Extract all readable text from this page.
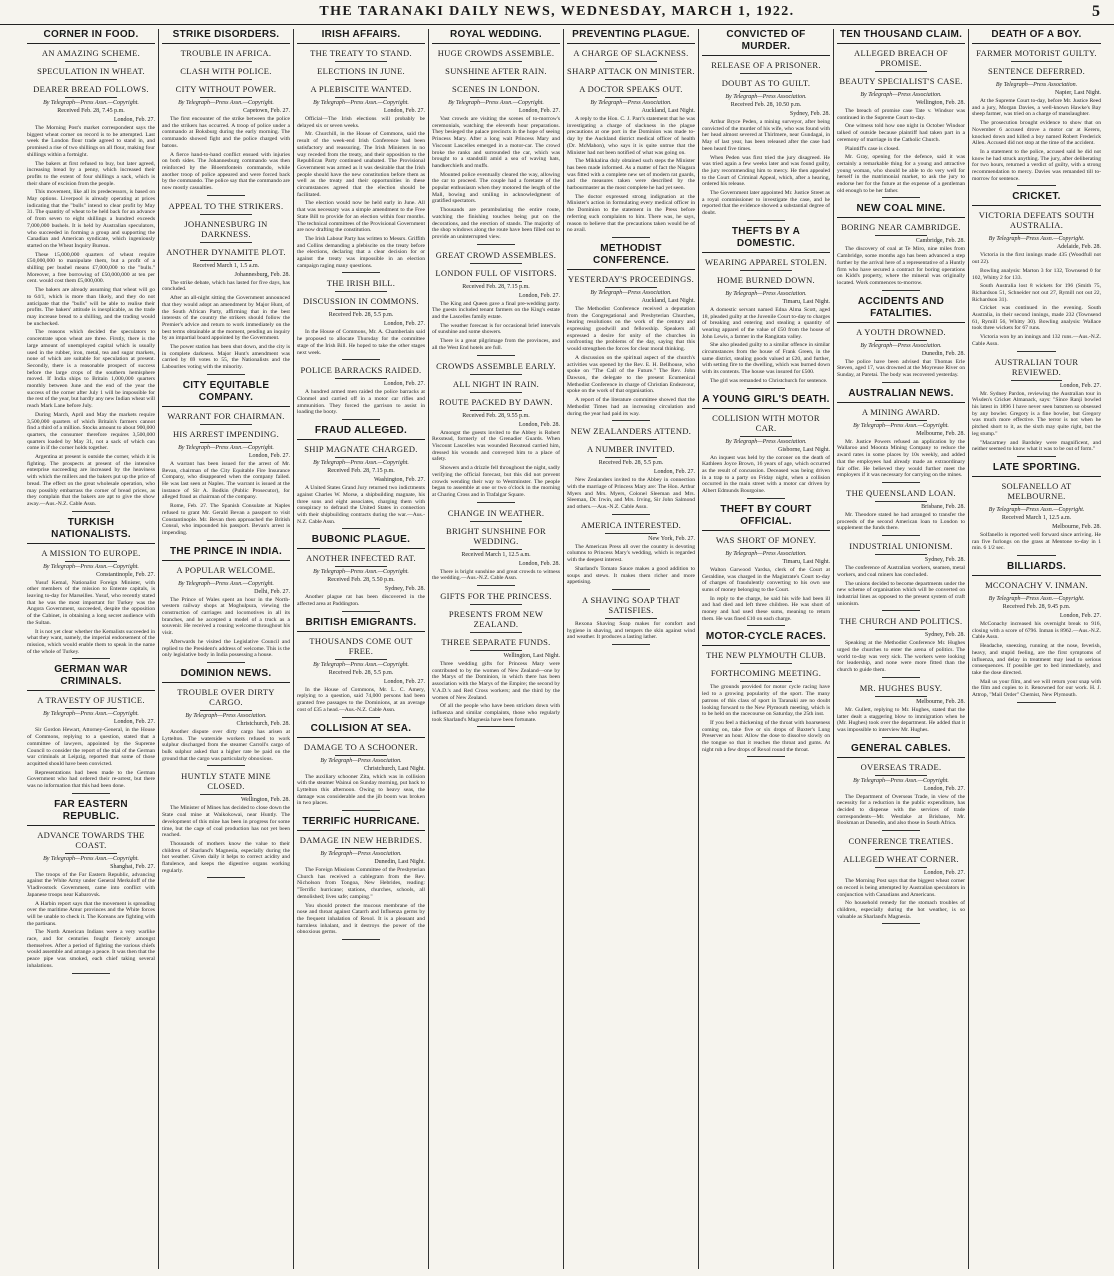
THE TARANAKI DAILY NEWS, WEDNESDAY, MARCH 1, 1922.	5
CORNER IN FOOD.
AN AMAZING SCHEME.
SPECULATION IN WHEAT.
DEARER BREAD FOLLOWS.
By Telegraph—Press Assn.—Copyright.
Received Feb. 28, 7.45 p.m.
London, Feb. 27.

The Morning Post's market correspondent says the biggest wheat corner on record is to be attempted. Last week the London flour trade agreed to stand in, and promised a rise of two shillings on all flour, making four shillings within a fortnight.

The bakers at first refused to buy, but later agreed, increasing bread by a penny, which increased their profits to the extent of four shillings a sack, which is their share of excision from the people.

This movement, like all its predecessors, is based on May options. Liverpool is already operating at prices indicating that the "bulls" intend to clear profit by May 31. The quantity of wheat to be held back for an advance of from seven to eight shillings a hundred exceeds 7,000,000 bushels. It is held by Australian speculators, who succeeded in forming a group and supporting the Canadian and American syndicate, which ingeniously started on the Wheat Inquiry Bureau.

These 15,000,000 quarters of wheat require £50,000,000 to manipulate them, but a profit of a shilling per bushel means £7,000,000 to the "bulls." Moreover, a free borrowing of £50,000,000 at ten per cent. would cost them £5,000,000.

The bakers are already assuming that wheat will go to 64/1, which is more than likely, and they do not anticipate that the "bulls" will be able to realise their profits. The bakers' attitude is inexplicable, as the trade may increase bread to a shilling, and the trading would be unchecked.

The reasons which decided the speculators to concentrate upon wheat are three. Firstly, there is the large amount of unemployed capital which is usually used in the rubber, iron, metal, tea and sugar markets, none of which are suitable for speculation at present. Secondly, there is a reasonable prospect of success before the large crops of the southern hemisphere moved. If India ships to Britain 1,000,000 quarters monthly between June and the end of the year the success of the corner after July 1 will be impossible for the rest of the year, but hardly any new Indian wheat will reach Mark Lane before July.

During March, April and May the markets require 3,500,000 quarters of which Britain's farmers cannot find a third of a million. Stocks amount to about 900,000 quarters, the consumer therefore requires 3,500,000 quarters loaded by May 31, not a sack of which can come in if the corner holds together.

Argentina at present is outside the corner, which it is fighting. The prospects at present of the intensive enterprise succeeding are increased by the heaviness with which the millers and the bakers put up the price of bread. The effect on the great wholesale operation, who may possibly embarrass the corner of bread prices, as they complain that the bakers are apt to give the show away.—Aus.-N.Z. Cable Assn.

TURKISH NATIONALISTS.
A MISSION TO EUROPE.
By Telegraph—Press Assn.—Copyright.
Constantinople, Feb. 27.

Yusuf Kemal, Nationalist Foreign Minister, with other members of the mission to Entente capitals, is leaving to-day for Marseilles. Yusuf, who recently stated that he was the most important for Turkey was the Angora Government, succeeded, despite the opposition of the Cabinet, in obtaining a long secret audience with the Sultan.

It is not yet clear whether the Kemalists succeeded in what they want, namely, the imperial endorsement of the mission, which would enable them to speak in the name of the whole of Turkey.

GERMAN WAR CRIMINALS.
A TRAVESTY OF JUSTICE.
By Telegraph—Press Assn.—Copyright.
London, Feb. 27.

Sir Gordon Hewart, Attorney-General, in the House of Commons, replying to a question, stated that a committee of lawyers, appointed by the Supreme Council to consider the report of the trial of the German war criminals at Leipzig, reported that some of those acquitted should have been convicted.

Representations had been made to the German Government who had ordered their re-arrest, but there was no information that this had been done.

FAR EASTERN REPUBLIC.
ADVANCE TOWARDS THE COAST.
By Telegraph—Press Assn.—Copyright.
Shanghai, Feb. 27.

The troops of the Far Eastern Republic, advancing against the White Army under General Merkuloff of the Vladivostock Government, came into conflict with Japanese troops near Kabarovsk.

A Harbin report says that the movement is spreading over the maritime Amur provinces and the White forces will be unable to check it. The Koreans are fighting with the partisans.

The North American Indians were a very warlike race, and for centuries fought fiercely amongst themselves. After a period of fighting the various chiefs would assemble and arrange a peace. It was then that the peace pipe was smoked, each chief taking several inhalations.

STRIKE DISORDERS.
TROUBLE IN AFRICA.
CLASH WITH POLICE.
CITY WITHOUT POWER.
By Telegraph—Press Assn.—Copyright.
Capetown, Feb. 27.

The first encounter of the strike between the police and the strikers has occurred. A troop of police under a commando at Boksburg during the early morning. The commando showed fight and the police charged with batons.

A fierce hand-to-hand conflict ensued with injuries on both sides. The Johannesburg commando was then reinforced by the Bloemfontein commando, while another troop of police appeared and were forced back by the commando. The police say that the commando are now mostly casualties.

APPEAL TO THE STRIKERS.
JOHANNESBURG IN DARKNESS.
ANOTHER DYNAMITE PLOT.
Received March 1, 1.5 a.m.
Johannesburg, Feb. 28.

The strike debate, which has lasted for five days, has concluded.

After an all-night sitting the Government announced that they would adopt an amendment by Major Hunt, of the South African Party, affirming that in the best interests of the country the strikers should follow the Premier's advice and return to work immediately on the best terms obtainable at the moment, pending an inquiry by an impartial board appointed by the Government.

The power station has been shut down, and the city is in complete darkness. Major Hunt's amendment was carried by 69 votes to 55, the Nationalists and the Labourites voting with the minority.

CITY EQUITABLE COMPANY.
WARRANT FOR CHAIRMAN.
HIS ARREST IMPENDING.
By Telegraph—Press Assn.—Copyright.
London, Feb. 27.

A warrant has been issued for the arrest of Mr. Bevan, chairman of the City Equitable Fire Insurance Company, who disappeared when the company failed. He was last seen at Naples. The warrant is issued at the instance of Sir A. Bodkin (Public Prosecutor), for alleged fraud as chairman of the company.

Rome, Feb. 27. The Spanish Consulate at Naples refused to grant Mr. Gerald Bevan a passport to visit Constantinople. Mr. Bevan then approached the British Consul, who impounded his passport. Bevan's arrest is impending.

THE PRINCE IN INDIA.
A POPULAR WELCOME.
By Telegraph—Press Assn.—Copyright.
Delhi, Feb. 27.

The Prince of Wales spent an hour in the North-western railway shops at Moghulpura, viewing the construction of carriages and locomotives in all its branches, and he accepted a model of a truck as a souvenir. He received a rousing welcome throughout his visit.

Afterwards he visited the Legislative Council and replied to the President's address of welcome. This is the only legislative body in India possessing a house.

DOMINION NEWS.
TROUBLE OVER DIRTY CARGO.
By Telegraph—Press Association.
Christchurch, Feb. 28.

Another dispute over dirty cargo has arisen at Lyttelton. The waterside workers refused to work sulphur discharged from the steamer Carroll's cargo of bulk sulphur asked that a higher rate be paid on the ground that the cargo was particularly obnoxious.

HUNTLY STATE MINE CLOSED.
Wellington, Feb. 28.

The Minister of Mines has decided to close down the State coal mine at Waikokowai, near Huntly. The development of this mine has been in progress for some time, but the cage of coal production has not yet been reached.

Thousands of mothers know the value to their children of Sharland's Magnesia, especially during the hot weather. Given daily it helps to correct acidity and flatulence, and keeps the digestive organs working regularly.

IRISH AFFAIRS.
THE TREATY TO STAND.
ELECTIONS IN JUNE.
A PLEBISCITE WANTED.
By Telegraph—Press Assn.—Copyright.
London, Feb. 27.

Official—The Irish elections will probably be delayed six or seven weeks.

Mr. Churchill, in the House of Commons, said the result of the week-end Irish Conference had been satisfactory and reassuring. The Irish Ministers in no way receded from the treaty, and their opposition to the Republican Party continued unabated. The Provisional Government was armed as it was desirable that the Irish people should have the new constitution before them as well as the treaty and their opportunities in these circumstances agreed that the election should be facilitated.

The election would now be held early in June. All that was necessary was a simple amendment to the Free State Bill to provide for an election within four months. The technical committees of the Provisional Government are now drafting the constitution.

The Irish Labour Party has written to Messrs. Griffith and Collins demanding a plebiscite on the treaty before the elections, declaring that a clear decision for or against the treaty was impossible in an election campaign raging many questions.

THE IRISH BILL.
DISCUSSION IN COMMONS.
Received Feb. 28, 5.5 p.m.
London, Feb. 27.

In the House of Commons, Mr. A. Chamberlain said he proposed to allocate Thursday for the committee stage of the Irish Bill. He hoped to take the other stages next week.

POLICE BARRACKS RAIDED.
London, Feb. 27.

A hundred armed men raided the police barracks at Clonmel and carried off in a motor car rifles and ammunition. They forced the garrison to assist in loading the booty.

FRAUD ALLEGED.
SHIP MAGNATE CHARGED.
By Telegraph—Press Assn.—Copyright.
Received Feb. 28, 7.15 p.m.
Washington, Feb. 27.

A United States Grand Jury returned two indictments against Charles W. Morse, a shipbuilding magnate, his three sons and eight associates, charging them with conspiracy to defraud the United States in connection with their shipbuilding contracts during the war.—Aus.-N.Z. Cable Assn.

BUBONIC PLAGUE.
ANOTHER INFECTED RAT.
By Telegraph—Press Assn.—Copyright.
Received Feb. 28, 5.50 p.m.
Sydney, Feb. 28.

Another plague rat has been discovered in the affected area at Paddington.

BRITISH EMIGRANTS.
THOUSANDS COME OUT FREE.
By Telegraph—Press Assn.—Copyright.
Received Feb. 28, 5.5 p.m.
London, Feb. 27.

In the House of Commons, Mr. L. C. Amery, replying to a question, said 74,000 persons had been granted free passages to the Dominions, at an average cost of £35 a head.—Aus.-N.Z. Cable Assn.

COLLISION AT SEA.
DAMAGE TO A SCHOONER.
By Telegraph—Press Association.
Christchurch, Last Night.

The auxiliary schooner Zita, which was in collision with the steamer Wainui on Sunday morning, put back to Lyttelton this afternoon. Owing to heavy seas, the damage was considerable and the jib boom was broken in two places.

TERRIFIC HURRICANE.
DAMAGE IN NEW HEBRIDES.
By Telegraph—Press Association.
Dunedin, Last Night.

The Foreign Missions Committee of the Presbyterian Church has received a cablegram from the Rev. Nicholson from Tongoa, New Hebrides, reading: "Terrific hurricane; stations, churches, schools, all demolished; lives safe; camping."

You should protect the mucous membrane of the nose and throat against Catarrh and Influenza germs by the frequent inhalation of Rexol. It is a pleasant and harmless inhalant, and it destroys the power of the obnoxious germs.

ROYAL WEDDING.
HUGE CROWDS ASSEMBLE.
SUNSHINE AFTER RAIN.
SCENES IN LONDON.
By Telegraph—Press Assn.—Copyright.
London, Feb. 27.

Vast crowds are visiting the scenes of to-morrow's ceremonials, watching the eleventh hour preparations. They besieged the palace precincts in the hope of seeing Princess Mary. After a long wait Princess Mary and Viscount Lascelles emerged in a motor-car. The crowd broke the ranks and surrounded the car, which was brought to a standstill amid a sea of waving hats, handkerchiefs and muffs.

Mounted police eventually cleared the way, allowing the car to proceed. The couple had a foretaste of the popular enthusiasm when they motored the length of the Mall, bowing and smiling in acknowledgment of gratified spectators.

Thousands are perambulating the entire route, watching the finishing touches being put on the decorations, and the erection of stands. The majority of the shop windows along the route have been filled out to provide an uninterrupted view.

GREAT CROWD ASSEMBLES.
LONDON FULL OF VISITORS.
Received Feb. 28, 7.15 p.m.
London, Feb. 27.

The King and Queen gave a final pre-wedding party. The guests included tenant farmers on the King's estate and the Lascelles family estate.

The weather forecast is for occasional brief intervals of sunshine and some showers.

There is a great pilgrimage from the provinces, and all the West End hotels are full.

CROWDS ASSEMBLE EARLY.
ALL NIGHT IN RAIN.
ROUTE PACKED BY DAWN.
Received Feb. 28, 9.55 p.m.
London, Feb. 28.

Amongst the guests invited to the Abbey is Robert Rexstead, formerly of the Grenadier Guards. When Viscount Lascelles was wounded Rexstead carried him, dressed his wounds and conveyed him to a place of safety.

Showers and a drizzle fell throughout the night, sadly verifying the official forecast, but this did not prevent crowds wending their way to Westminster. The people began to assemble at one or two o'clock in the morning at Charing Cross and in Trafalgar Square.

CHANGE IN WEATHER.
BRIGHT SUNSHINE FOR WEDDING.
Received March 1, 12.5 a.m.
London, Feb. 28.

There is bright sunshine and great crowds to witness the wedding.—Aus.-N.Z. Cable Assn.

GIFTS FOR THE PRINCESS.
PRESENTS FROM NEW ZEALAND.
THREE SEPARATE FUNDS.
Wellington, Last Night.

Three wedding gifts for Princess Mary were contributed to by the women of New Zealand—one by the Marys of the Dominion, in which there has been association with the Marys of the Empire; the second by V.A.D.'s and Red Cross workers; and the third by the women of New Zealand.

Of all the people who have been stricken down with influenza and similar complaints, those who regularly took Sharland's Magnesia have been fortunate.

PREVENTING PLAGUE.
A CHARGE OF SLACKNESS.
SHARP ATTACK ON MINISTER.
A DOCTOR SPEAKS OUT.
By Telegraph—Press Association.
Auckland, Last Night.

A reply to the Hon. C. J. Parr's statement that he was investigating a charge of slackness in the plague precautions at one port in the Dominion was made to-day by the Auckland district medical officer of health (Dr. McMahon), who says it is quite untrue that the Minister had not been notified of what was going on.

The Mikkalina duly obtained such steps the Minister has been made informed. As a matter of fact the Niagara was fitted with a complete new set of modern rat guards, and the measures taken were described by the harbourmaster as the most complete he had yet seen.

The doctor expressed strong indignation at the Minister's action in formulating every medical officer in the Dominion to the statement in the Press before referring such complaints to him. There was, he says, reason to believe that the precautions taken would be of no avail.

METHODIST CONFERENCE.
YESTERDAY'S PROCEEDINGS.
By Telegraph—Press Association.
Auckland, Last Night.

The Methodist Conference received a deputation from the Congregational and Presbyterian Churches, bearing resolutions on the work of the century and expressing goodwill and fellowship. Speakers all expressed a desire for unity of the churches in confronting the problems of the day, saying that this would strengthen the forces for clear moral thinking.

A discussion on the spiritual aspect of the church's activities was opened by the Rev. E. H. Bellhouse, who spoke on "The Call of the Future." The Rev. John Dawson, the delegate to the present Ecumenical Methodist Conference in charge of Christian Endeavour, spoke on the work of that organisation.

A report of the literature committee showed that the Methodist Times had an increasing circulation and during the year had paid its way.

NEW ZEALANDERS ATTEND.
A NUMBER INVITED.
Received Feb. 28, 5.5 p.m.
London, Feb. 27.

New Zealanders invited to the Abbey in connection with the marriage of Princess Mary are: The Hon. Arthur Myers and Mrs. Myers, Colonel Sleeman and Mrs. Sleeman, Dr. Irwin, and Mrs. Irving, Sir John Salmond and others.—Aus.-N.Z. Cable Assn.

AMERICA INTERESTED.
New York, Feb. 27.

The American Press all over the country is devoting columns to Princess Mary's wedding, which is regarded with the deepest interest.

Sharland's Tomato Sauce makes a good addition to soups and stews. It makes them richer and more appetising.

A SHAVING SOAP THAT SATISFIES.

Rexona Shaving Soap makes for comfort and hygiene in shaving, and tempers the skin against wind and weather. It produces a lasting lather.

CONVICTED OF MURDER.
RELEASE OF A PRISONER.
DOUBT AS TO GUILT.
By Telegraph—Press Association.
Received Feb. 28, 10.50 p.m.
Sydney, Feb. 28.

Arthur Bryce Peden, a mining surveyor, after being convicted of the murder of his wife, who was found with her head almost severed at Thirlmere, near Gundagai, in May of last year, has been released after the case had been heard five times.

When Peden was first tried the jury disagreed. He was tried again a few weeks later and was found guilty, the jury recommending him to mercy. He then appealed to the Court of Criminal Appeal, which, after a hearing, ordered his release.

The Government later appointed Mr. Justice Street as a royal commissioner to investigate the case, and he reported that the evidence showed a substantial degree of doubt.

THEFTS BY A DOMESTIC.
WEARING APPAREL STOLEN.
HOME BURNED DOWN.
By Telegraph—Press Association.
Timaru, Last Night.

A domestic servant named Edna Alma Scott, aged 18, pleaded guilty at the Juvenile Court to-day to charges of breaking and entering and stealing a quantity of wearing apparel of the value of £50 from the house of John Lewis, a farmer in the Rangitata valley.

She also pleaded guilty to a similar offence in similar circumstances from the house of Frank Green, in the same district, stealing goods valued at £20, and further, with setting fire to the dwelling, which was burned down with its contents. The house was insured for £500.

The girl was remanded to Christchurch for sentence.

A YOUNG GIRL'S DEATH.
COLLISION WITH MOTOR CAR.
By Telegraph—Press Association.
Gisborne, Last Night.

An inquest was held by the coroner on the death of Kathleen Joyce Brown, 16 years of age, which occurred as the result of concussion. Deceased was being driven in a trap to a party on Friday night, when a collision occurred in the main street with a motor car driven by Albert Edmunds Bourgoine.

THEFT BY COURT OFFICIAL.
WAS SHORT OF MONEY.
By Telegraph—Press Association.
Timaru, Last Night.

Walton Garwood Yardsa, clerk of the Court at Geraldine, was charged in the Magistrate's Court to-day of charges of fraudulently converting to his own use sums of money belonging to the Court.

In reply to the charge, he said his wife had been ill and had died and left three children. He was short of money and had used these sums, meaning to return them. He was fined £10 on each charge.

MOTOR-CYCLE RACES.
THE NEW PLYMOUTH CLUB.
FORTHCOMING MEETING.

The grounds provided for motor cycle racing have led to a growing popularity of the sport. The many patrons of this class of sport in Taranaki are no doubt looking forward to the New Plymouth meeting, which is to be held on the racecourse on Saturday, the 25th inst.

If you feel a thickening of the throat with hoarseness coming on, take five or six drops of Baxter's Lung Preserver an hour. Allow the dose to dissolve slowly on the tongue so that it reaches the throat and gums. At night rub a few drops of Rexol round the throat.

TEN THOUSAND CLAIM.
ALLEGED BREACH OF PROMISE.
BEAUTY SPECIALIST'S CASE.
By Telegraph—Press Association.
Wellington, Feb. 28.

The breach of promise case Tate v. Windsor was continued in the Supreme Court to-day.

One witness told how one night in October Windsor talked of outside because plaintiff had taken part in a ceremony of marriage in the Catholic Church.

Plaintiff's case is closed.

Mr. Gray, opening for the defence, said it was certainly a remarkable thing for a young and attractive young woman, who should be able to do very well for herself in the matrimonial market, to ask the jury to endorse her for the future at the expense of a gentleman old enough to be her father.

NEW COAL MINE.
BORING NEAR CAMBRIDGE.
Cambridge, Feb. 28.

The discovery of coal at Te Miro, nine miles from Cambridge, some months ago has been advanced a step further by the arrival here of a representative of a Huntly firm who have secured a contract for boring operations on Kidd's property, where the mineral was originally located. Work commences to-morrow.

ACCIDENTS AND FATALITIES.
A YOUTH DROWNED.
By Telegraph—Press Association.
Dunedin, Feb. 28.

The police have been advised that Thomas Erle Steven, aged 17, was drowned at the Moyreuse River on Sunday, at Paretai. The body was recovered yesterday.

AUSTRALIAN NEWS.
A MINING AWARD.
By Telegraph—Press Assn.—Copyright.
Melbourne, Feb. 28.

Mr. Justice Powers refused an application by the Wallaroo and Moonta Mining Company to reduce the award rates in some places by 10s weekly, and added that the employees had already made an extraordinary fair offer. He believed they would further meet the employers if it was necessary for carrying on the mines.

THE QUEENSLAND LOAN.
Brisbane, Feb. 28.

Mr. Theodore stated he had arranged to transfer the proceeds of the second American loan to London to supplement the funds there.

INDUSTRIAL UNIONISM.
Sydney, Feb. 28.

The conference of Australian workers, seamen, metal workers, and coal miners has concluded.

The unions decided to become departments under the new scheme of organisation which will be converted on industrial lines as opposed to the present system of craft unionism.

THE CHURCH AND POLITICS.
Sydney, Feb. 28.

Speaking at the Methodist Conference Mr. Hughes urged the churches to enter the arena of politics. The world to-day was very sick. The workers were looking for leadership, and none were more fitted than the church to guide them.

MR. HUGHES BUSY.
Melbourne, Feb. 28.

Mr. Gullett, replying to Mr. Hughes, stated that the latter dealt a staggering blow to immigration when he (Mr. Hughes) took over the department. He added that it was impossible to interview Mr. Hughes.

GENERAL CABLES.
OVERSEAS TRADE.
By Telegraph—Press Assn.—Copyright.
London, Feb. 27.

The Department of Overseas Trade, in view of the necessity for a reduction in the public expenditure, has decided to dispense with the services of trade correspondents—Mr. Westlake at Brisbane, Mr. Bookman at Dunedin, and also those in South Africa.

CONFERENCE TREATIES.
ALLEGED WHEAT CORNER.
London, Feb. 27.

The Morning Post says that the biggest wheat corner on record is being attempted by Australian speculators in conjunction with Canadians and Americans.

No household remedy for the stomach troubles of children, especially during the hot weather, is so valuable as Sharland's Magnesia.

DEATH OF A BOY.
FARMER MOTORIST GUILTY.
SENTENCE DEFERRED.
By Telegraph—Press Association.
Napier, Last Night.

At the Supreme Court to-day, before Mr. Justice Reed and a jury, Morgan Davies, a well-known Hawke's Bay sheep farmer, was tried on a charge of manslaughter.

The prosecution brought evidence to show that on November 6 accused drove a motor car at Kereru, knocked down and killed a boy named Robert Frederick Allen. Accused did not stop at the time of the accident.

In a statement to the police, accused said he did not know he had struck anything. The jury, after deliberating for two hours, returned a verdict of guilty, with a strong recommendation to mercy. Davies was remanded till to-morrow for sentence.

CRICKET.
VICTORIA DEFEATS SOUTH AUSTRALIA.
By Telegraph—Press Assn.—Copyright.
Adelaide, Feb. 28.

Victoria in the first innings made 435 (Woodfull not out 22).

Bowling analysis: Marton 3 for 132, Townsend 0 for 102, Whitty 2 for 133.

South Australia lost 8 wickets for 196 (Smith 75, Richardson 51, Schneider not out 27, Rymill not out 22, Richardson 31).

Cricket was continued in the evening. South Australia, in their second innings, made 232 (Townsend 61, Rymill 56, Whitty 30). Bowling analysis: Wallace took three wickets for 67 runs.

Victoria won by an innings and 132 runs.—Aus.-N.Z. Cable Assn.

AUSTRALIAN TOUR REVIEWED.
London, Feb. 27.

Mr. Sydney Pardon, reviewing the Australian tour in Wisden's Cricket Almanack, says: "Since Ranji bowled his latest in 1896 I have never seen batsmen so obsessed by any bowler. Gregory is a fine bowler, but Gregory was much more effective. The terror is not when he pitched short to it, as the sixth may quite right, but the leg stump."

"Macartney and Bardsley were magnificent, and neither seemed to know what it was to be out of form."

LATE SPORTING.
SOLFANELLO AT MELBOURNE.
By Telegraph—Press Assn.—Copyright.
Received March 1, 12.5 a.m.
Melbourne, Feb. 28.

Solfanello is reported well forward since arriving. He ran five furlongs on the grass at Mentone to-day in 1 min. 6 1/2 sec.

BILLIARDS.
MCCONACHY V. INMAN.
By Telegraph—Press Assn.—Copyright.
Received Feb. 28, 9.45 p.m.
London, Feb. 27.

McConachy increased his overnight break to 916, closing with a score of 6796. Inman is 8962.—Aus.-N.Z. Cable Assn.

Headache, sneezing, running at the nose, feverish, heavy, and stupid feeling, are the first symptoms of influenza, and delay in treatment may lead to serious consequences. If possible get to bed immediately, and take the dose directed.

Mail us your film, and we will return your snap with the film and copies to it. Renowned for our work. H. J. Attrop, "Mail Order" Chemist, New Plymouth.
